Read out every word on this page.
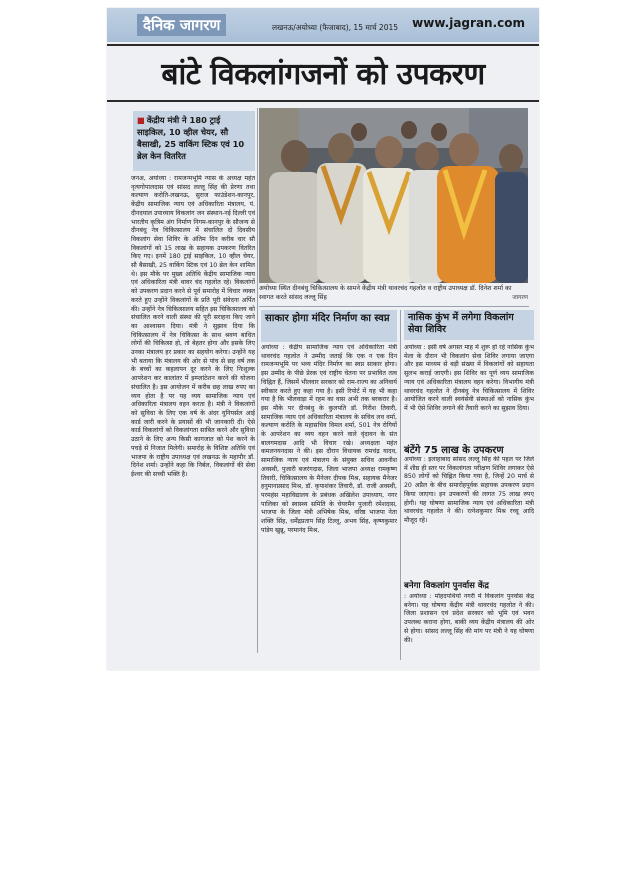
दैनिक जागरण	लखनऊ/अयोध्या (फैजाबाद), 15 मार्च 2015 www.jagran.com
बांटे विकलांगजनों को उपकरण
■ केंद्रीय मंत्री ने 180 ट्राई साइकिल, 10 व्हील चेयर, सौ बैसाखी, 25 वाकिंग स्टिक एवं 10 ब्रेल केन वितरित
जनअ, अयोध्या : रामजन्मभूमि न्यास के अध्यक्ष महंत नृत्यगोपालदास एवं सांसद लल्लू सिंह की प्रेरणा तथा कल्याण करोति-लखनऊ, सुराज फाउंडेशन-कानपुर, केंद्रीय सामाजिक न्याय एवं अधिकारिता मंत्रालय, पं. दीनदयाल उपाध्याय विकलांग जन संस्थान-नई दिल्ली एवं भारतीय कृत्रिम अंग निर्माण निगम-कानपुर के सौजन्य से दीनबंधु नेत्र चिकित्सालय में संचालित दो दिवसीय विकलांग सेवा शिविर के अंतिम दिन करीब चार सौ विकलांगों को 15 लाख के सहायक उपकरण वितरित किए गए। इनमें 180 ट्राई साइकिल, 10 व्हील चेयर, सौ बैसाखी, 25 वाकिंग स्टिक एवं 10 ब्रेल केन शामिल थे। इस मौके पर मुख्य अतिथि केंद्रीय सामाजिक न्याय एवं अधिकारिता मंत्री थावर चंद गहलोत रहे। विकलांगों को उपकरण प्रदान करने से पूर्व समारोह में विचार व्यक्त करते हुए उन्होंने विकलांगों के प्रति पूरी संवेदना अर्पित की। उन्होंने नेत्र चिकित्सालय सहित इस चिकित्सालय को संचालित करने वाली संस्था की पूरी सराहना किए जाने का आश्वासन दिया। मंत्री ने सुझाव दिया कि चिकित्सालय में नेत्र चिकित्सा के साथ श्रवण बाधित लोगों की चिकित्सा हो, तो बेहतर होगा और इसके लिए उनका मंत्रालय हर प्रकार का सहयोग करेगा। उन्होंने यह भी बताया कि मंत्रालय की ओर से पांच से छह वर्ष तक के बच्चों का कहलापन दूर करने के लिए निःशुल्क आपरेशन कर कालांतर में इम्प्लांटेशन करने की योजना संचालित है। इस आयोजन में करीब छह लाख रुपए का व्यय होता है पर यह व्यय सामाजिक न्याय एवं अधिकारिता मंत्रालय वहन करता है। मंत्री ने विकलांगों को सुविधा के लिए एक वर्ष के अंदर युनियर्सल आई कार्ड जारी करने के प्रयासों की भी जानकारी दी। ऐसे कार्ड विकलांगों को विकलांगता साबित करने और सुविधा उठाने के लिए अन्य किसी कागजात को पेश करने के पचड़े से निजात मिलेगी। समारोह के विशिष्ट अतिथि एवं भाजपा के राष्ट्रीय उपाध्यक्ष एवं लखनऊ के महापौर डॉ. दिनेश शर्मा। उन्होंने कहा कि निर्बल, विकलांगों की सेवा ईश्वर की सच्ची भक्ति है।
अयोध्या स्थित दीनबंधु चिकित्सालय के सामने केंद्रीय मंत्री थावरचंद गहलोत व राष्ट्रीय उपाध्यक्ष डॉ. दिनेश शर्मा का स्वागत करते सांसद लल्लू सिंह	जागरण
साकार होगा मंदिर निर्माण का स्वप्न
अयोध्या : केंद्रीय सामाजिक न्याय एवं अधिकारिता मंत्री थावरचंद गहलोत ने उम्मीद जताई कि एक न एक दिन रामजन्मभूमि पर भव्य मंदिर निर्माण का स्वप्न साकार होगा। इस उम्मीद के पीछे प्रेरक एवं राष्ट्रीय चेतना पर प्रभावित तत्व चिह्नित हैं, जिसमें भीलवार सरकार को राम-राज्य का अनिवार्य स्वीकार करते हुए कहा गया है। इसी रिपोर्ट में यह भी कहा गया है कि भीलवाड़ा में रहम का वास अभी तक बरकरार है। इस मौके पर दीनबंधु के कुलपति डॉ. गिरीश तिवारी, सामाजिक न्याय एवं अधिकारिता मंत्रालय के सचिव लव वर्मा, कल्याण करोति के महासचिव विमल शर्मा, 501 नेत्र रोगियों के आपरेशन का व्यय वहन करने वाले वृंदावन के संत बालगमदास आदि भी विचार रखे। अध्यक्षता महंत कमलनयनदास ने की। इस दौरान विधायक रामचंद्र यादव, सामाजिक न्याय एवं मंत्रालय के संयुक्त सचिव आवनीश अवस्थी, पुजारी बजरंगदास, जिला भाजपा अध्यक्ष रामकृष्ण तिवारी, चिकित्सालय के मैनेजर दीपक मिश्र, सहायक मैनेजर हनुमानप्रसाद मिश्र, डॉ. कृपाशंकर तिवारी, डॉ. राजी अवस्थी, परमहंस महाविद्यालय के प्रबंधक अखिलेश उपाध्याय, नगर पालिका को स्वास्थ्य समिति के चेयरमैन पुजारी रमेशदास, भाजपा के जिला मंत्री अभिषेक मिश्र, वरिष्ठ भाजपा नेता शक्ति सिंह, धर्मेंद्रप्रताप सिंह टिल्लू, अभय सिंह, कृष्णकुमार पांडेय खुन्नू, परमानंद मिश्र,
नासिक कुंभ में लगेगा विकलांग सेवा शिविर
अयोध्या : इसी वर्ष अगस्त माह में शुरू हो रहे नासिक कुंभ मेला के दौरान भी विकलांग सेवा शिविर लगाया जाएगा और इस माध्यम से बड़ी संख्या में विकलांगों को सहायता सुलभ कराई जाएगी। इस शिविर का पूर्ण व्यय सामाजिक न्याय एवं अधिकारिता मंत्रालय वहन करेगा। विभागीय मंत्री थावरचंद गहलोत ने दीनबंधु नेत्र चिकित्सालय में शिविर आयोजित करने वाली स्वयंसेवी संस्थाओं को नासिक कुंभ में भी ऐसे शिविर लगाने की तैयारी करने का सुझाव दिया।
बंटेंगे 75 लाख के उपकरण
अयोध्या : इलाहाबाद सांसद लल्लू सिंह की पहल पर जिले में शीघ्र ही स्तर पर विकलांगता परीक्षण शिविर लगाकर ऐसे 850 लोगों को चिह्नित किया गया है, जिन्हें 20 मार्च से 20 अप्रैल के बीच समारोहपूर्वक सहायक उपकरण प्रदान किया जाएगा। इन उपकरणों की लागत 75 लाख रुपए होगी। यह घोषणा सामाजिक न्याय एवं अधिकारिता मंत्री थावरचंद गहलोत ने की। रत्नेशकुमार मिश्र रच्चू आदि मौजूद रहे।
बनेगा विकलांग पुनर्वास केंद्र
: अयोध्या : मोहदपथियों नगरी में विकलांग पुनर्वास केंद्र बनेगा। यह घोषणा केंद्रीय मंत्री थावरचंद गहलोत ने की। जिला प्रशासन एवं प्रदेश सरकार को भूमि एवं भवन उपलब्ध कराना होगा, बाकी व्यय केंद्रीय मंत्रालय की ओर से होगा। सांसद लल्लू सिंह की मांग पर मंत्री ने यह घोषणा की।
